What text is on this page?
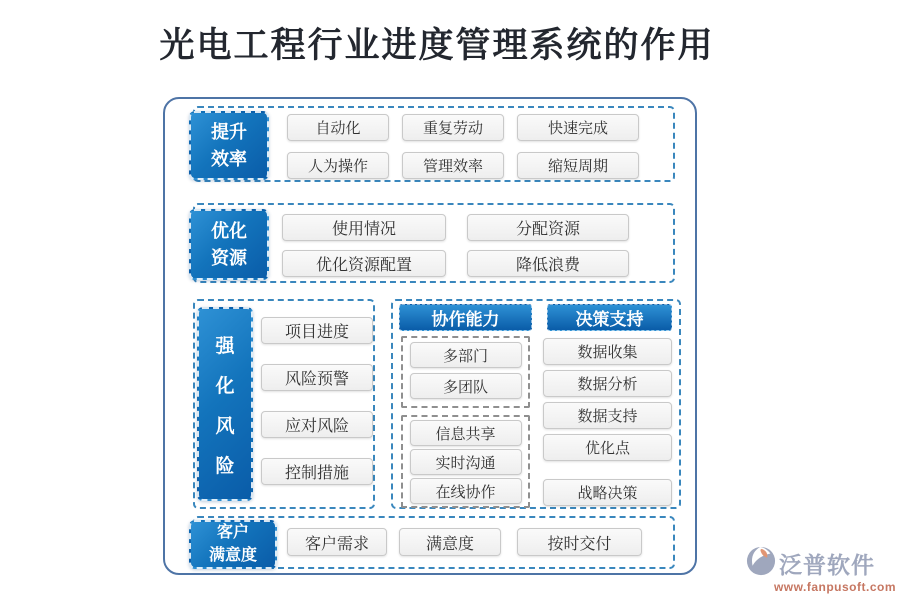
光电工程行业进度管理系统的作用
提升
效率
自动化	重复劳动	快速完成
人为操作	管理效率	缩短周期
优化
资源
使用情况	分配资源
优化资源配置	降低浪费
强
化
风
险
项目进度
风险预警
应对风险
控制措施
协作能力
多部门
多团队
信息共享
实时沟通
在线协作
决策支持
数据收集
数据分析
数据支持
优化点
战略决策
客户
满意度
客户需求	满意度	按时交付
泛普软件
www.fanpusoft.com
